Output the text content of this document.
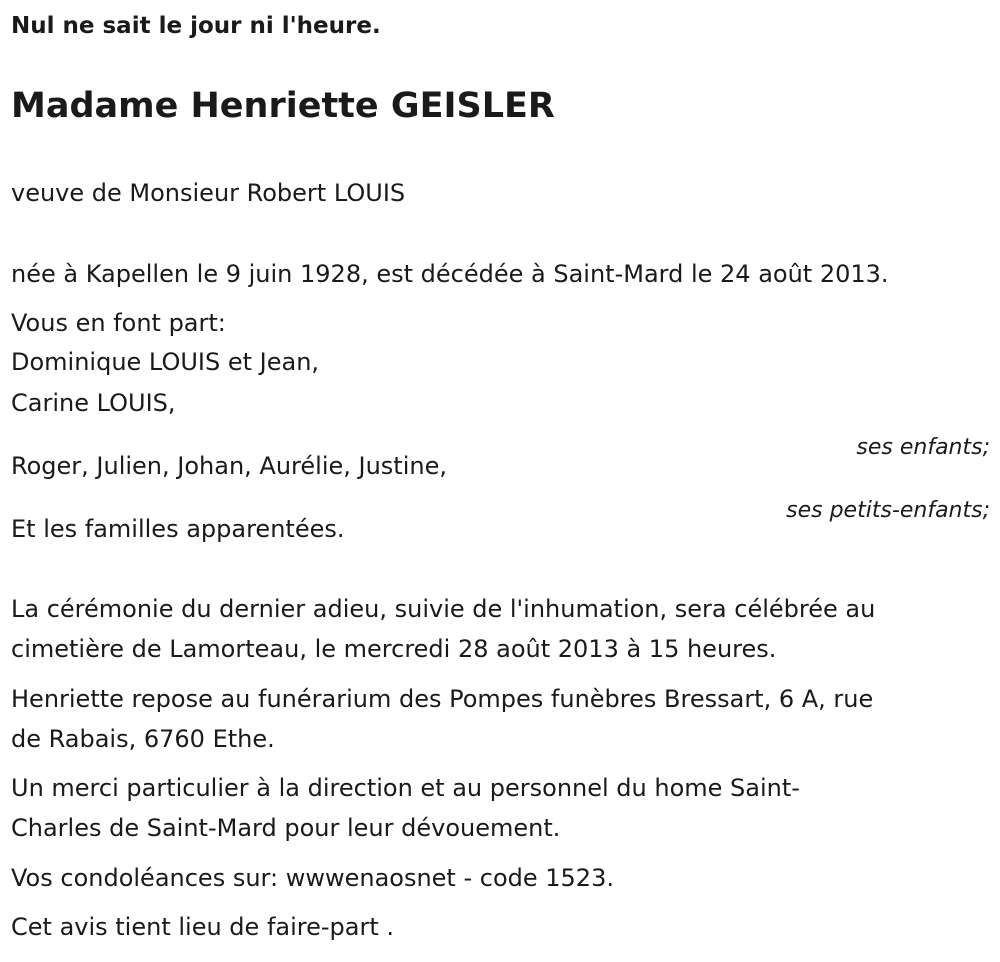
Nul ne sait le jour ni l'heure.

Madame Henriette GEISLER

veuve de Monsieur Robert LOUIS

née à Kapellen le 9 juin 1928, est décédée à Saint-Mard le 24 août 2013.

Vous en font part:

Dominique LOUIS et Jean,

Carine LOUIS,

ses enfants;

Roger, Julien, Johan, Aurélie, Justine,

ses petits-enfants;

Et les familles apparentées.

La cérémonie du dernier adieu, suivie de l'inhumation, sera célébrée au

cimetière de Lamorteau, le mercredi 28 août 2013 à 15 heures.

Henriette repose au funérarium des Pompes funèbres Bressart, 6 A, rue

de Rabais, 6760 Ethe.

Un merci particulier à la direction et au personnel du home Saint-

Charles de Saint-Mard pour leur dévouement.

Vos condoléances sur: wwwenaosnet - code 1523.

Cet avis tient lieu de faire-part .
